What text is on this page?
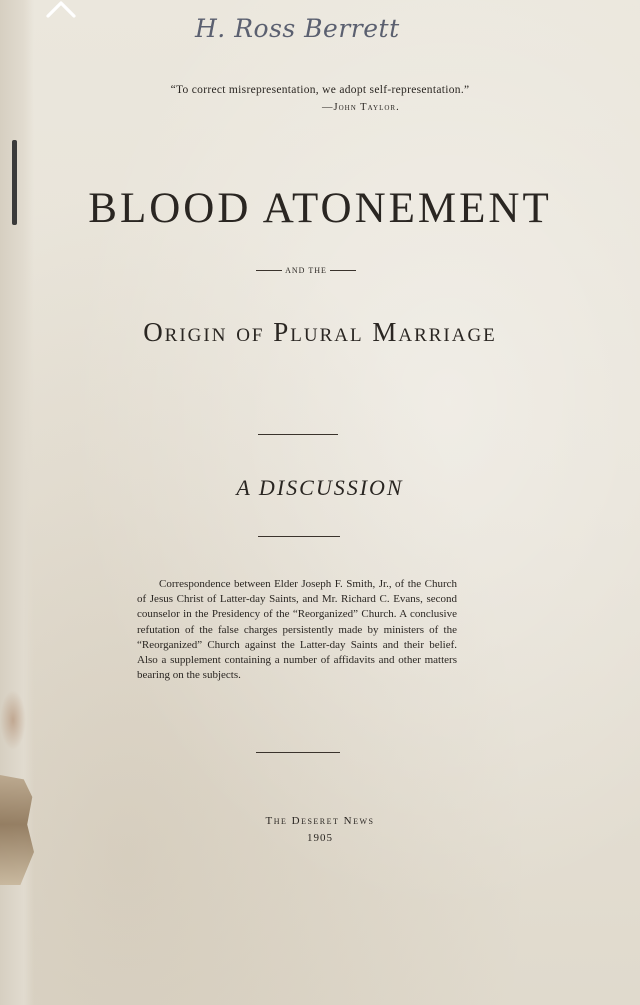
H. Ross Berrett
“To correct misrepresentation, we adopt self-representation.”
—John Taylor.
BLOOD ATONEMENT
AND THE
Origin of Plural Marriage
A DISCUSSION
Correspondence between Elder Joseph F. Smith, Jr., of the Church of Jesus Christ of Latter-day Saints, and Mr. Richard C. Evans, second counselor in the Presidency of the “Reorganized” Church. A conclusive refutation of the false charges persistently made by ministers of the “Reorganized” Church against the Latter-day Saints and their belief. Also a supplement containing a number of affidavits and other matters bearing on the subjects.
The Deseret News
1905
